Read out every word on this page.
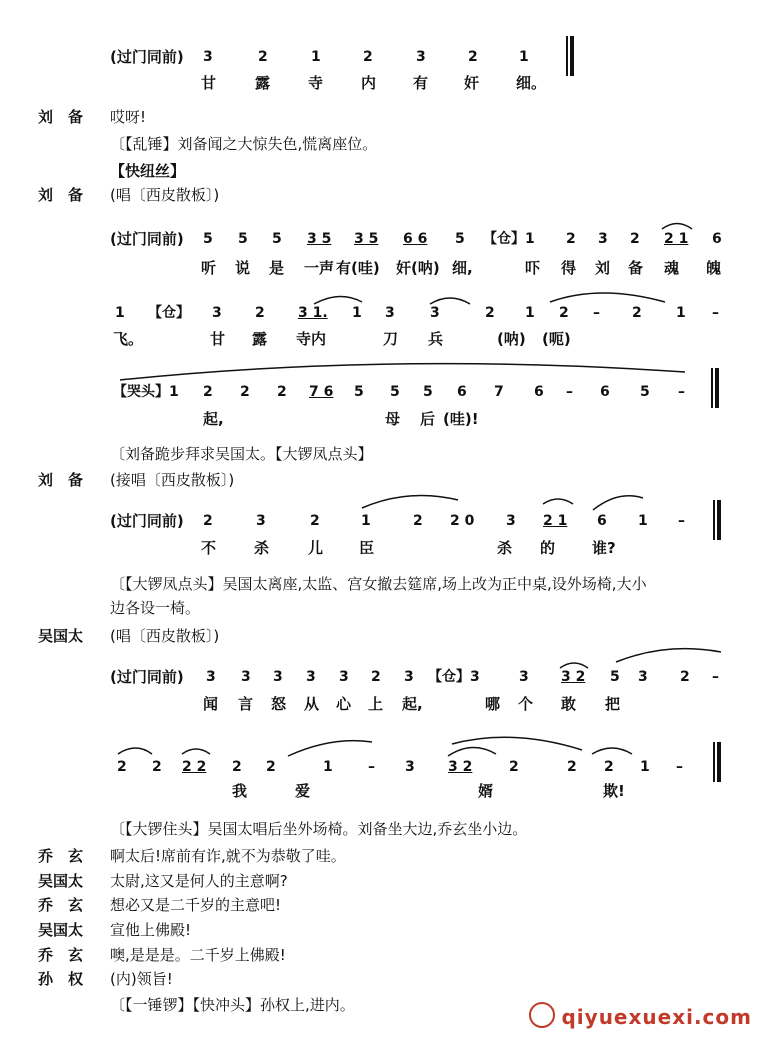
(过门同前) 3	2	1	2	3	2	1
甘	露	寺	内 有 奸 细。
刘　备 哎呀!
〔【乱锤】刘备闻之大惊失色,慌离座位。
【快纽丝】
刘　备 (唱〔西皮散板〕)
(过门同前) 5 5 5 3 5 3 5 6 6 5 【仓】1 2 3 2 2 1 6
听 说 是 一声 有(哇) 奸(呐) 细,	吓 得 刘 备 魂 魄
1 【仓】 3 2 3 1. 1 3	3	2 1 2 – 2 1 –
飞。	甘 露 寺内	刀 兵	(呐) (呃)
【哭头】1 2 2 2 7 6 5 5 5 6 7 6 – 6 5 –
起,	母 后 (哇)!
〔刘备跪步拜求吴国太。【大锣凤点头】
刘　备 (接唱〔西皮散板〕)
(过门同前) 2	3	2	1	2 2 0 3 2 1 6 1 –
不	杀	儿 臣	杀 的 谁?
〔【大锣凤点头】吴国太离座,太监、宫女撤去筵席,场上改为正中桌,设外场椅,大小
边各设一椅。
吴国太 (唱〔西皮散板〕)
(过门同前) 3 3 3 3 3 2 3 【仓】3	3 3 2 5 3 2 –
闻 言 怒 从 心 上 起,	哪 个 敢 把
2 2 2 2 2 2	1	– 3 3 2	2	2 2 1 –
我	爱	婿	欺!
〔【大锣住头】吴国太唱后坐外场椅。刘备坐大边,乔玄坐小边。
乔　玄 啊太后!席前有诈,就不为恭敬了哇。
吴国太 太尉,这又是何人的主意啊?
乔　玄 想必又是二千岁的主意吧!
吴国太 宣他上佛殿!
乔　玄 噢,是是是。二千岁上佛殿!
孙　权 (内)领旨!
〔【一锤锣】【快冲头】孙权上,进内。	qiyuexuexi.com
